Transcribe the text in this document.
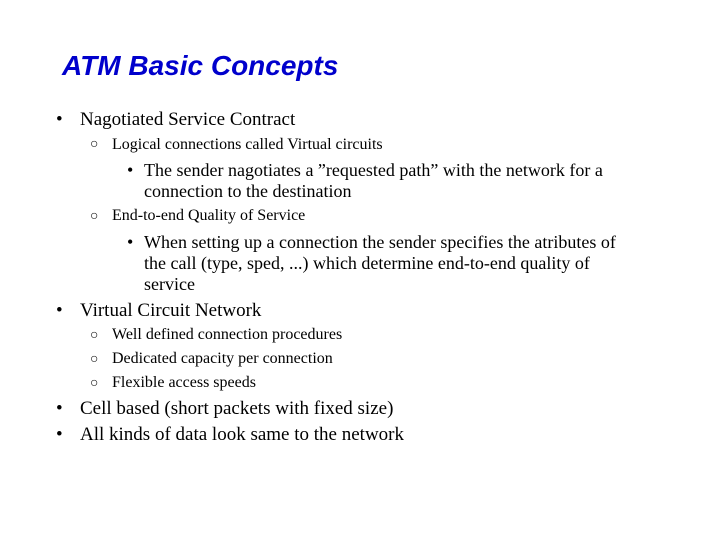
ATM Basic Concepts
• Nagotiated Service Contract
○ Logical connections called Virtual circuits
• The sender nagotiates a ”requested path” with the network for a
connection to the destination
○ End-to-end Quality of Service
• When setting up a connection the sender specifies the atributes of
the call (type, sped, ...) which determine end-to-end quality of
service
• Virtual Circuit Network
○ Well defined connection procedures
○ Dedicated capacity per connection
○ Flexible access speeds
• Cell based (short packets with fixed size)
• All kinds of data look same to the network
